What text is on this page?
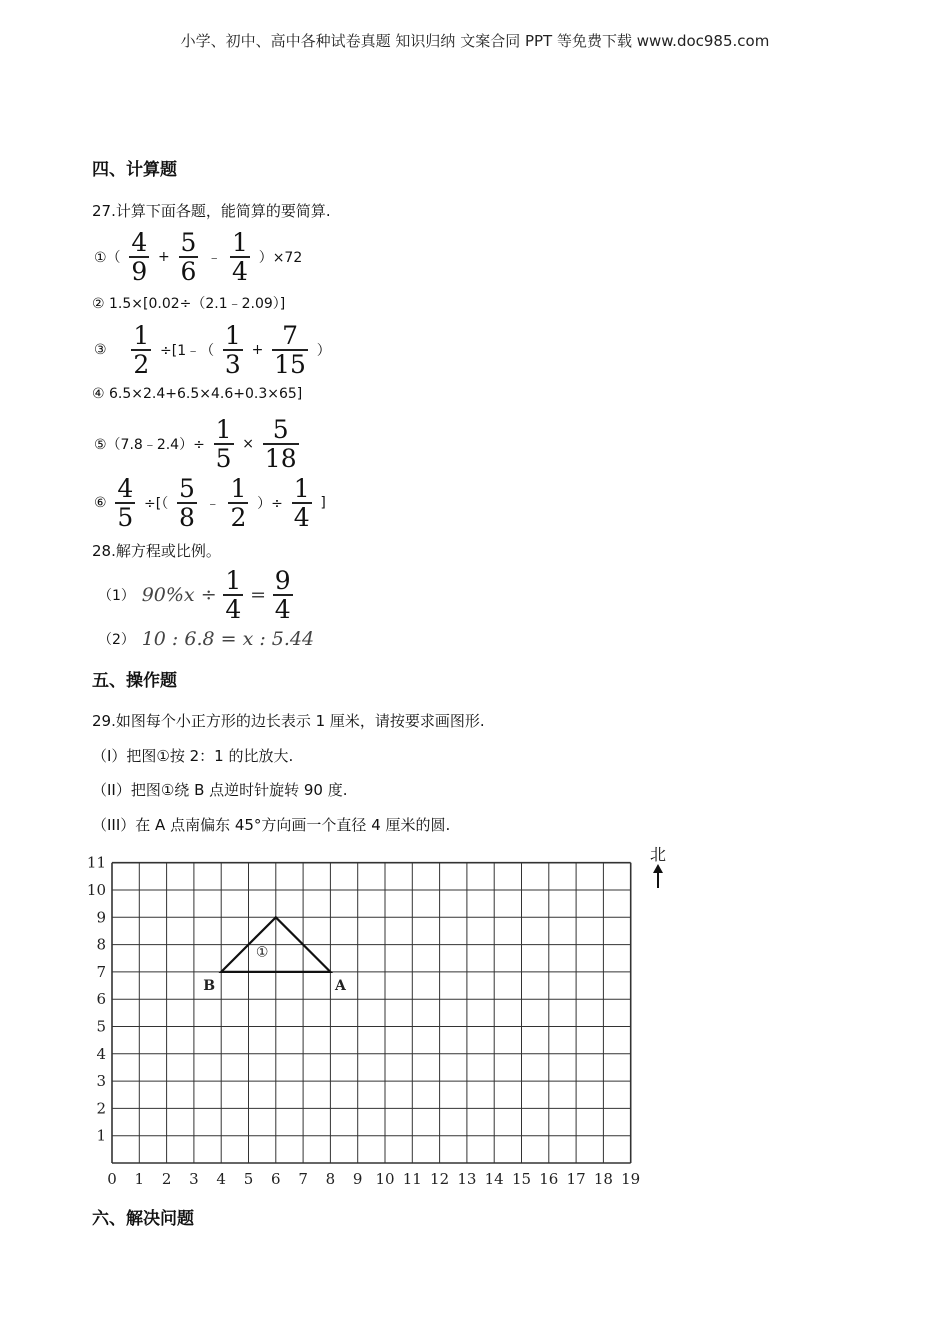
小学、初中、高中各种试卷真题 知识归纳 文案合同 PPT 等免费下载 www.doc985.com
四、计算题
27.计算下面各题，能简算的要简算.
①（ $\frac{4}{9} + \frac{5}{6}$ ﹣ $\frac{1}{4} )\times 72$
② 1.5×[0.02÷（2.1﹣2.09）]
③ $\frac{1}{2}$ ÷[1﹣（ $\frac{1}{3} + \frac{7}{15}$ ）
④ 6.5×2.4+6.5×4.6+0.3×65]
⑤（7.8﹣2.4）÷ $\frac{1}{5} \times \frac{5}{18}$
⑥ $\frac{4}{5}$ ÷[（ $\frac{5}{8}$ ﹣ $\frac{1}{2}$ ）÷ $\frac{1}{4}$ ]
28.解方程或比例。
（1） $90\%x \div \frac{1}{4} = \frac{9}{4}$
（2） 10 : 6.8 = x : 5.44
五、操作题
29.如图每个小正方形的边长表示 1 厘米，请按要求画图形.
（I）把图①按 2：1 的比放大.
（II）把图①绕 B 点逆时针旋转 90 度.
（III）在 A 点南偏东 45°方向画一个直径 4 厘米的圆.
0 1 2 3 4 5 6 7 8 9 10 11 12 13 14 15 16 17 18 19
1
2
3
4
5
6
7
8
9
10
11
①
B	A
北
六、解决问题
